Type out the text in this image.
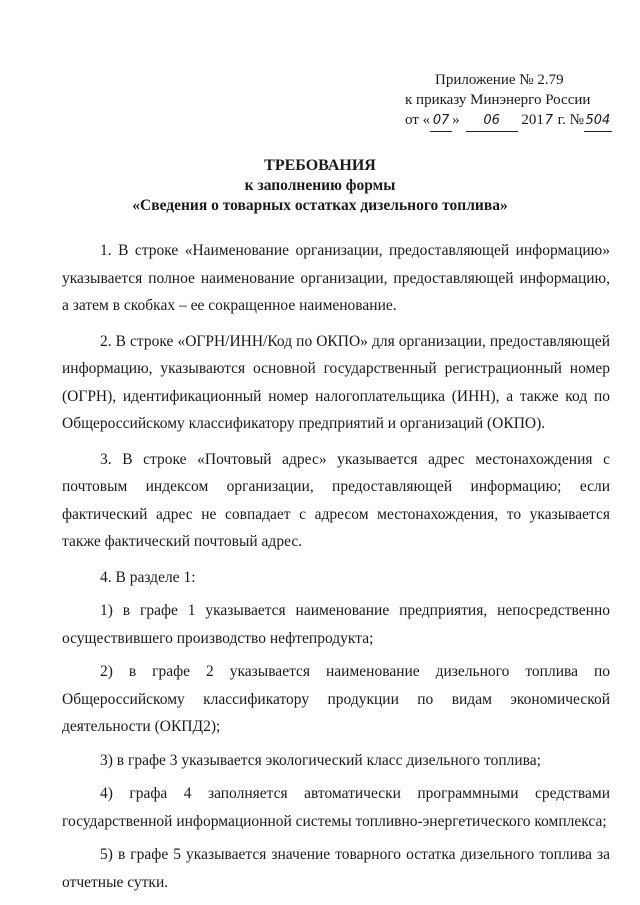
Приложение № 2.79
к приказу Минэнерго России
от « 07 » 06 2017 г. № 504
ТРЕБОВАНИЯ
к заполнению формы
«Сведения о товарных остатках дизельного топлива»

1. В строке «Наименование организации, предоставляющей информацию» указывается полное наименование организации, предоставляющей информацию, а затем в скобках – ее сокращенное наименование.

2. В строке «ОГРН/ИНН/Код по ОКПО» для организации, предоставляющей информацию, указываются основной государственный регистрационный номер (ОГРН), идентификационный номер налогоплательщика (ИНН), а также код по Общероссийскому классификатору предприятий и организаций (ОКПО).

3. В строке «Почтовый адрес» указывается адрес местонахождения с почтовым индексом организации, предоставляющей информацию; если фактический адрес не совпадает с адресом местонахождения, то указывается также фактический почтовый адрес.

4. В разделе 1:

1) в графе 1 указывается наименование предприятия, непосредственно осуществившего производство нефтепродукта;

2) в графе 2 указывается наименование дизельного топлива по Общероссийскому классификатору продукции по видам экономической деятельности (ОКПД2);

3) в графе 3 указывается экологический класс дизельного топлива;

4) графа 4 заполняется автоматически программными средствами государственной информационной системы топливно-энергетического комплекса;

5) в графе 5 указывается значение товарного остатка дизельного топлива за отчетные сутки.
